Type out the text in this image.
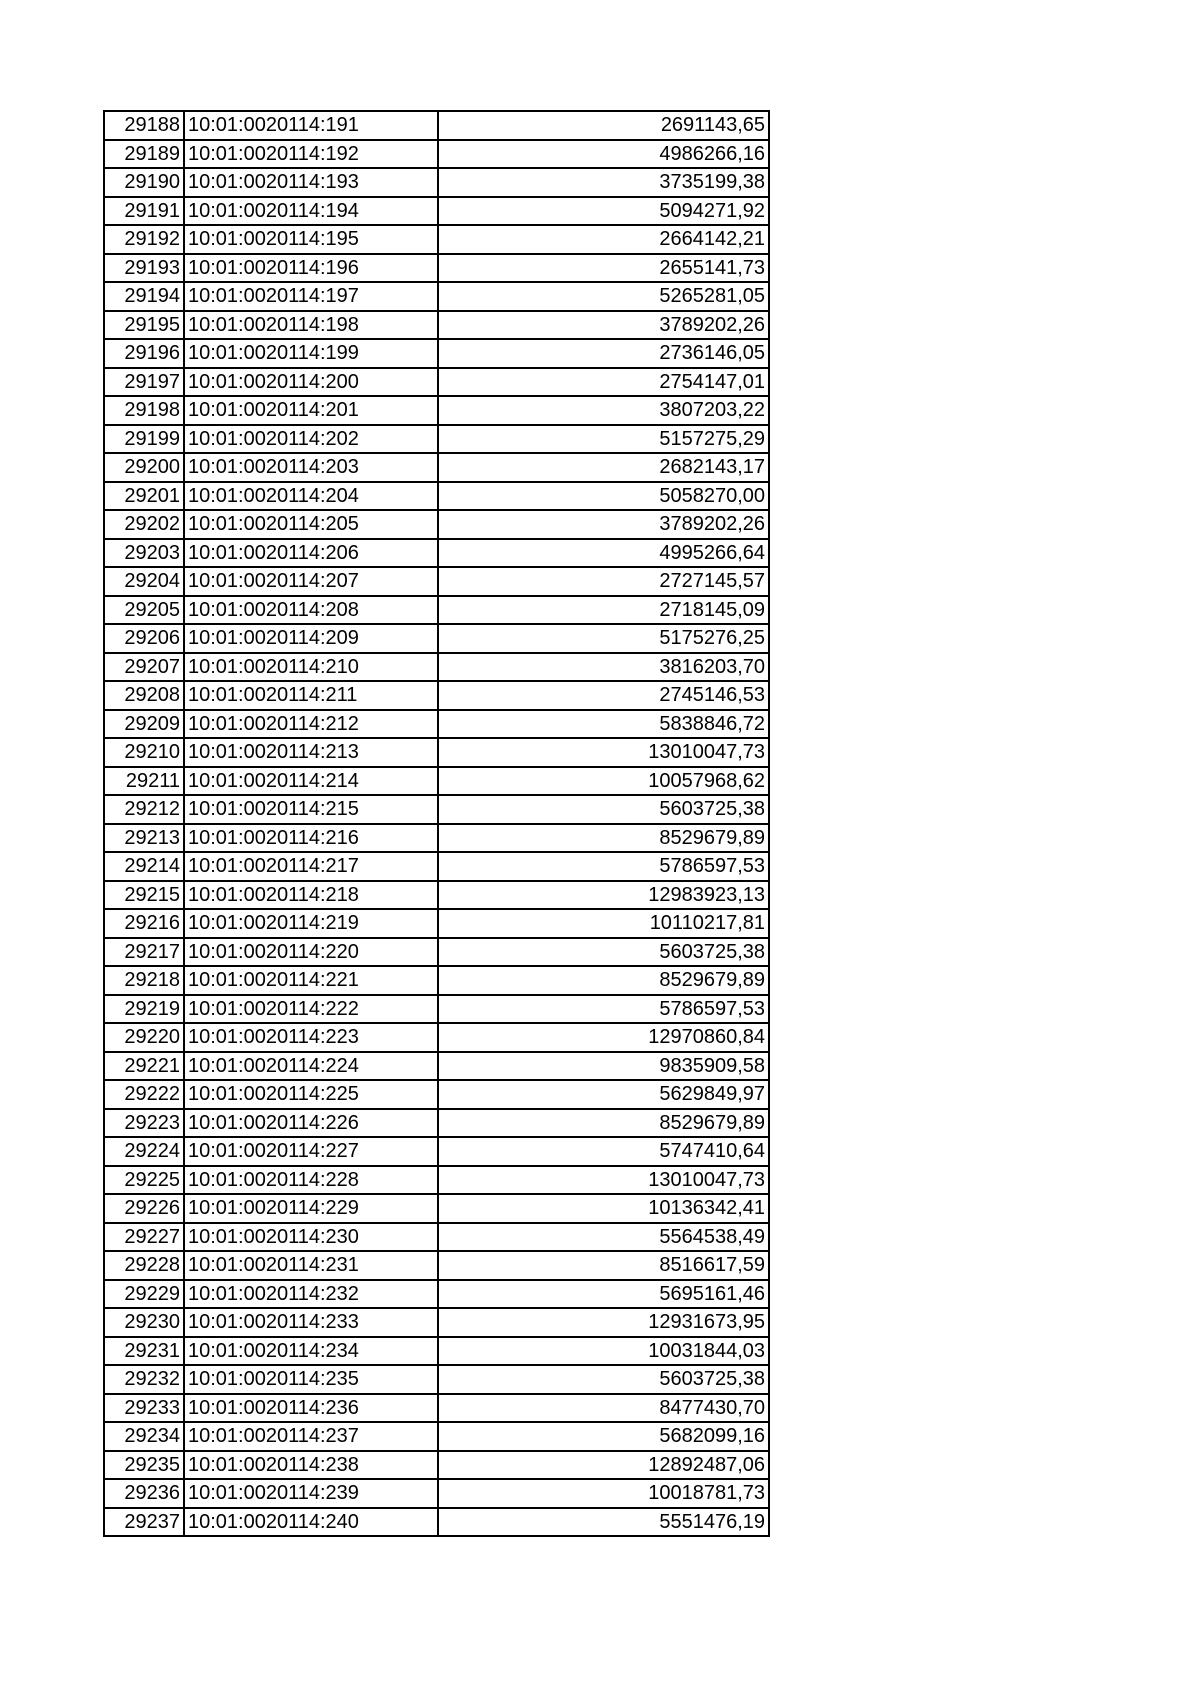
29188	10:01:0020114:191	2691143,65
29189	10:01:0020114:192	4986266,16
29190	10:01:0020114:193	3735199,38
29191	10:01:0020114:194	5094271,92
29192	10:01:0020114:195	2664142,21
29193	10:01:0020114:196	2655141,73
29194	10:01:0020114:197	5265281,05
29195	10:01:0020114:198	3789202,26
29196	10:01:0020114:199	2736146,05
29197	10:01:0020114:200	2754147,01
29198	10:01:0020114:201	3807203,22
29199	10:01:0020114:202	5157275,29
29200	10:01:0020114:203	2682143,17
29201	10:01:0020114:204	5058270,00
29202	10:01:0020114:205	3789202,26
29203	10:01:0020114:206	4995266,64
29204	10:01:0020114:207	2727145,57
29205	10:01:0020114:208	2718145,09
29206	10:01:0020114:209	5175276,25
29207	10:01:0020114:210	3816203,70
29208	10:01:0020114:211	2745146,53
29209	10:01:0020114:212	5838846,72
29210	10:01:0020114:213	13010047,73
29211	10:01:0020114:214	10057968,62
29212	10:01:0020114:215	5603725,38
29213	10:01:0020114:216	8529679,89
29214	10:01:0020114:217	5786597,53
29215	10:01:0020114:218	12983923,13
29216	10:01:0020114:219	10110217,81
29217	10:01:0020114:220	5603725,38
29218	10:01:0020114:221	8529679,89
29219	10:01:0020114:222	5786597,53
29220	10:01:0020114:223	12970860,84
29221	10:01:0020114:224	9835909,58
29222	10:01:0020114:225	5629849,97
29223	10:01:0020114:226	8529679,89
29224	10:01:0020114:227	5747410,64
29225	10:01:0020114:228	13010047,73
29226	10:01:0020114:229	10136342,41
29227	10:01:0020114:230	5564538,49
29228	10:01:0020114:231	8516617,59
29229	10:01:0020114:232	5695161,46
29230	10:01:0020114:233	12931673,95
29231	10:01:0020114:234	10031844,03
29232	10:01:0020114:235	5603725,38
29233	10:01:0020114:236	8477430,70
29234	10:01:0020114:237	5682099,16
29235	10:01:0020114:238	12892487,06
29236	10:01:0020114:239	10018781,73
29237	10:01:0020114:240	5551476,19
